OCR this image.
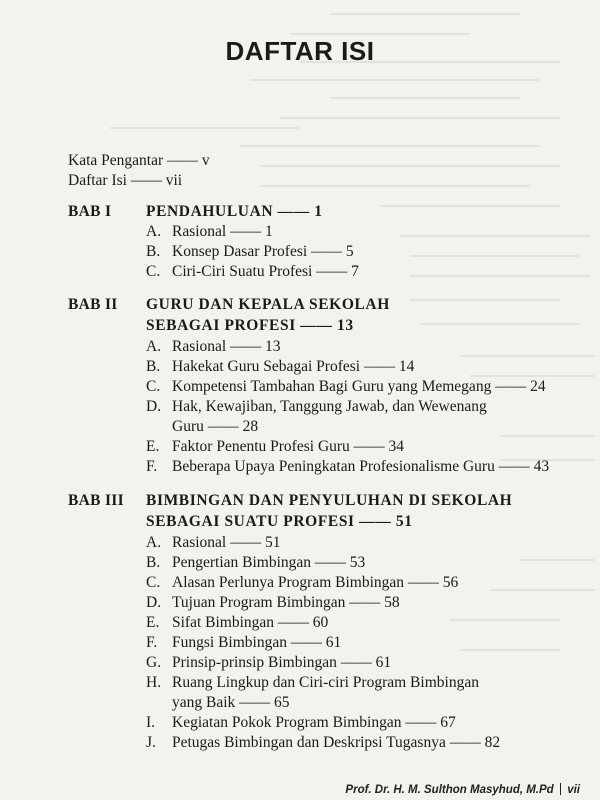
DAFTAR ISI
Kata Pengantar —— v
Daftar Isi —— vii
BAB I PENDAHULUAN —— 1
A. Rasional —— 1
B. Konsep Dasar Profesi —— 5
C. Ciri-Ciri Suatu Profesi —— 7
BAB II GURU DAN KEPALA SEKOLAH
SEBAGAI PROFESI —— 13
A. Rasional —— 13
B. Hakekat Guru Sebagai Profesi —— 14
C. Kompetensi Tambahan Bagi Guru yang Memegang —— 24
D. Hak, Kewajiban, Tanggung Jawab, dan Wewenang
Guru —— 28
E. Faktor Penentu Profesi Guru —— 34
F. Beberapa Upaya Peningkatan Profesionalisme Guru —— 43
BAB III BIMBINGAN DAN PENYULUHAN DI SEKOLAH
SEBAGAI SUATU PROFESI —— 51
A. Rasional —— 51
B. Pengertian Bimbingan —— 53
C. Alasan Perlunya Program Bimbingan —— 56
D. Tujuan Program Bimbingan —— 58
E. Sifat Bimbingan —— 60
F. Fungsi Bimbingan —— 61
G. Prinsip-prinsip Bimbingan —— 61
H. Ruang Lingkup dan Ciri-ciri Program Bimbingan
yang Baik —— 65
I. Kegiatan Pokok Program Bimbingan —— 67
J. Petugas Bimbingan dan Deskripsi Tugasnya —— 82
Prof. Dr. H. M. Sulthon Masyhud, M.Pd vii
